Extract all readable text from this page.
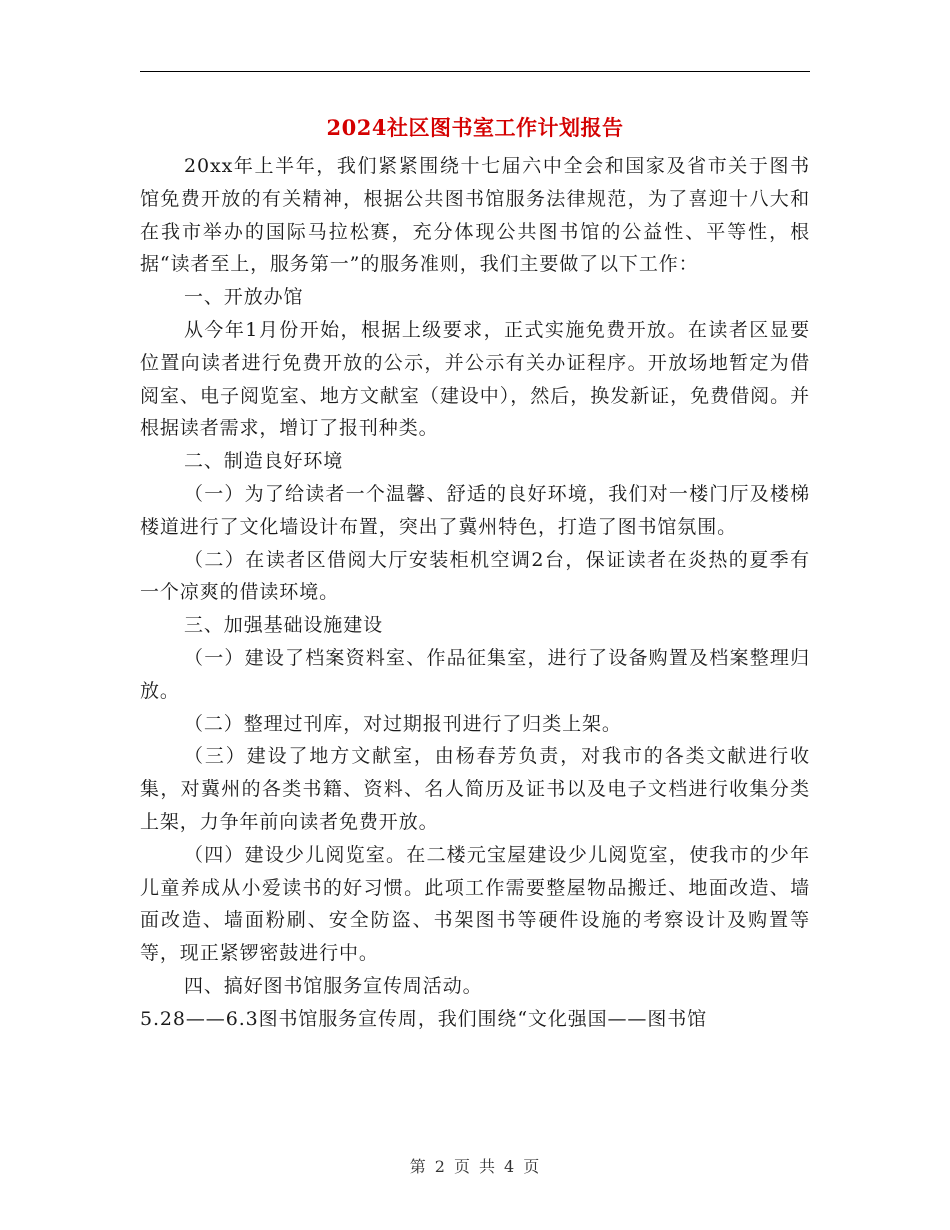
2024社区图书室工作计划报告

20xx年上半年，我们紧紧围绕十七届六中全会和国家及省市关于图书馆免费开放的有关精神，根据公共图书馆服务法律规范，为了喜迎十八大和在我市举办的国际马拉松赛，充分体现公共图书馆的公益性、平等性，根据“读者至上，服务第一”的服务准则，我们主要做了以下工作：

一、开放办馆

从今年1月份开始，根据上级要求，正式实施免费开放。在读者区显要位置向读者进行免费开放的公示，并公示有关办证程序。开放场地暂定为借阅室、电子阅览室、地方文献室（建设中），然后，换发新证，免费借阅。并根据读者需求，增订了报刊种类。

二、制造良好环境

（一）为了给读者一个温馨、舒适的良好环境，我们对一楼门厅及楼梯楼道进行了文化墙设计布置，突出了冀州特色，打造了图书馆氛围。

（二）在读者区借阅大厅安装柜机空调2台，保证读者在炎热的夏季有一个凉爽的借读环境。

三、加强基础设施建设

（一）建设了档案资料室、作品征集室，进行了设备购置及档案整理归放。

（二）整理过刊库，对过期报刊进行了归类上架。

（三）建设了地方文献室，由杨春芳负责，对我市的各类文献进行收集，对冀州的各类书籍、资料、名人简历及证书以及电子文档进行收集分类上架，力争年前向读者免费开放。

（四）建设少儿阅览室。在二楼元宝屋建设少儿阅览室，使我市的少年儿童养成从小爱读书的好习惯。此项工作需要整屋物品搬迁、地面改造、墙面改造、墙面粉刷、安全防盗、书架图书等硬件设施的考察设计及购置等等，现正紧锣密鼓进行中。

四、搞好图书馆服务宣传周活动。

5.28——6.3图书馆服务宣传周，我们围绕“文化强国——图书馆

第 2 页 共 4 页
